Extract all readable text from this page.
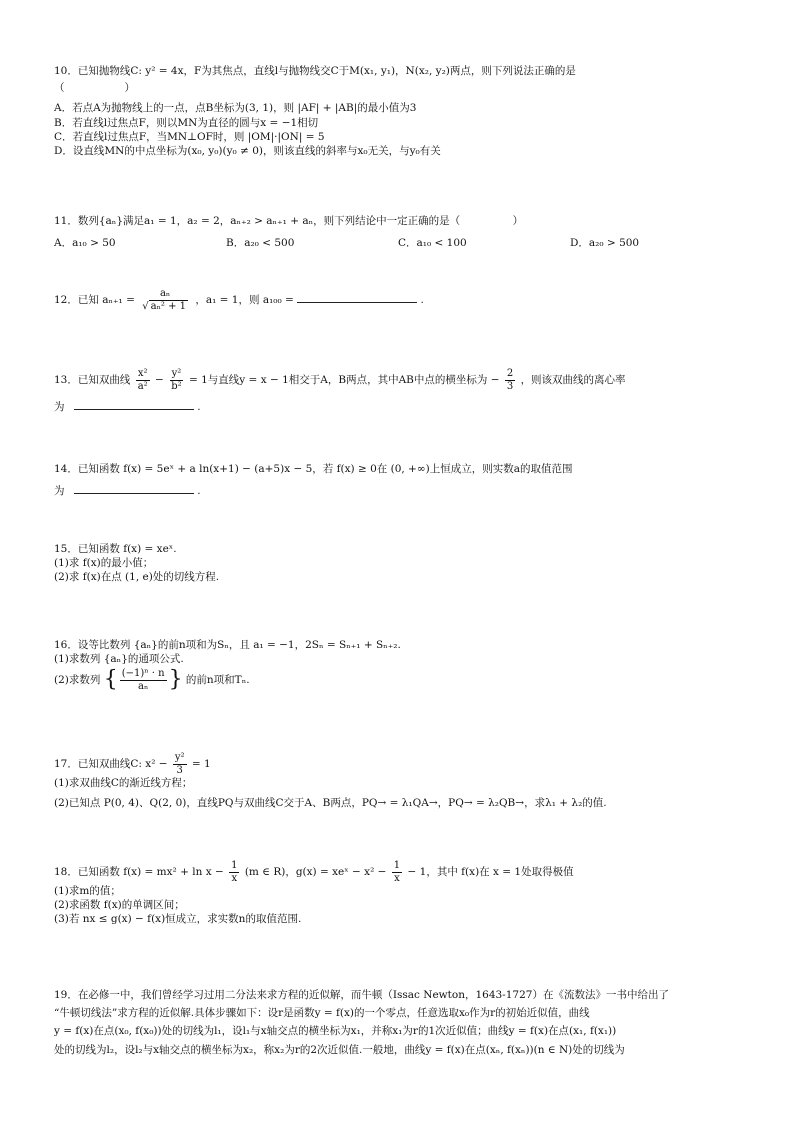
10．已知抛物线C: y² = 4x，F为其焦点，直线l与抛物线交C于M(x₁, y₁)，N(x₂, y₂)两点，则下列说法正确的是
（	）
A．若点A为抛物线上的一点，点B坐标为(3, 1)，则 |AF| + |AB|的最小值为3
B．若直线l过焦点F，则以MN为直径的圆与x = −1相切
C．若直线l过焦点F，当MN⊥OF时，则 |OM|·|ON| = 5
D．设直线MN的中点坐标为(x₀, y₀)(y₀ ≠ 0)，则该直线的斜率与x₀无关，与y₀有关
11．数列{aₙ}满足a₁ = 1，a₂ = 2，aₙ₊₂ > aₙ₊₁ + aₙ，则下列结论中一定正确的是（　　　　　）
A．a₁₀ > 50	B．a₂₀ < 500	C．a₁₀ < 100	D．a₂₀ > 500
12．已知 $a_{n+1} = \frac{\text{aₙ}}{\text{√ aₙ² + 1}}$ ，a₁ = 1，则 a₁₀₀ =	.
13．已知双曲线 $\frac{\text{x²}}{\text{a²}} - \frac{\text{y²}}{\text{b²}} = 1$与直线y = x − 1相交于A，B两点，其中AB中点的横坐标为 − $\frac{2}{3}$ ，则该双曲线的离心率
为	.
14．已知函数 f(x) = 5eˣ + a ln(x+1) − (a+5)x − 5，若 f(x) ≥ 0在 (0, +∞)上恒成立，则实数a的取值范围
为	.
15．已知函数 f(x) = xeˣ.
(1)求 f(x)的最小值；
(2)求 f(x)在点 (1, e)处的切线方程.
16．设等比数列 {aₙ}的前n项和为Sₙ，且 a₁ = −1，2Sₙ = Sₙ₊₁ + Sₙ₊₂.
(1)求数列 {aₙ}的通项公式.
(2)求数列 { $\frac{\text{(−1)ⁿ · n}}{\text{aₙ}}$ } 的前n项和Tₙ.
17．已知双曲线C: $x^2 - \frac{\text{y²}}{3} = 1$
(1)求双曲线C的渐近线方程；
(2)已知点 P(0, 4)、Q(2, 0)，直线PQ与双曲线C交于A、B两点，PQ→ = λ₁QA→，PQ→ = λ₂QB→，求λ₁ + λ₂的值.
18．已知函数 $f(x) = mx^2 + \ln x - \frac{1}{x} (m$ ∈ R)，g(x) = xeˣ − $x^2 - \frac{1}{x} - 1$，其中 f(x)在 x = 1处取得极值
(1)求m的值；
(2)求函数 f(x)的单调区间；
(3)若 nx ≤ g(x) − f(x)恒成立，求实数n的取值范围.
19．在必修一中，我们曾经学习过用二分法来求方程的近似解，而牛顿（Issac Newton，1643-1727）在《流数法》一书中给出了
“牛顿切线法”求方程的近似解.具体步骤如下：设r是函数y = f(x)的一个零点，任意选取x₀作为r的初始近似值，曲线
y = f(x)在点(x₀, f(x₀))处的切线为l₁，设l₁与x轴交点的横坐标为x₁，并称x₁为r的1次近似值；曲线y = f(x)在点(x₁, f(x₁))
处的切线为l₂，设l₂与x轴交点的横坐标为x₂，称x₂为r的2次近似值.一般地，曲线y = f(x)在点(xₙ, f(xₙ))(n ∈ N)处的切线为
